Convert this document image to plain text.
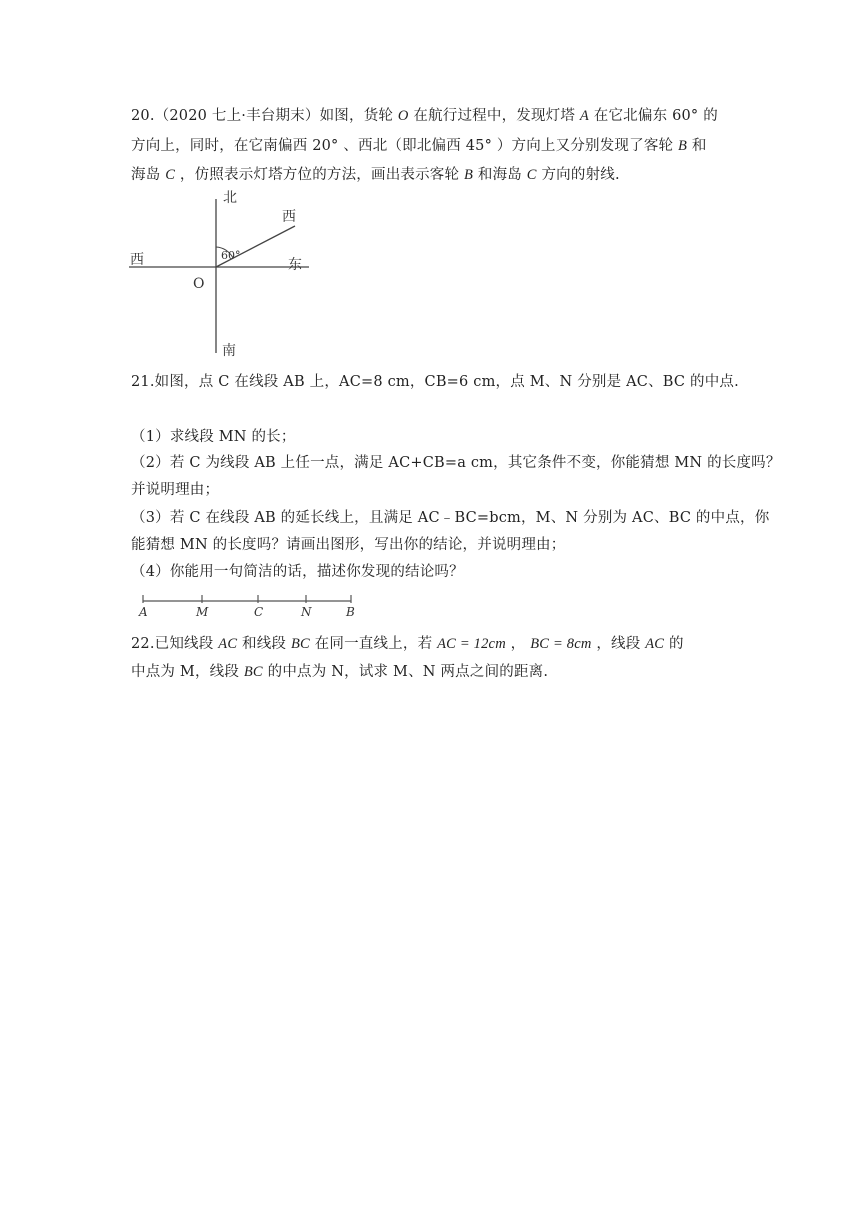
20.（2020 七上·丰台期末）如图，货轮 O 在航行过程中，发现灯塔 A 在它北偏东 60° 的
方向上，同时，在它南偏西 20° 、西北（即北偏西 45° ）方向上又分别发现了客轮 B 和
海岛 C ，仿照表示灯塔方位的方法，画出表示客轮 B 和海岛 C 方向的射线.
北
西
60°
西	东
O
南
21.如图，点 C 在线段 AB 上，AC=8 cm，CB=6 cm，点 M、N 分别是 AC、BC 的中点.
（1）求线段 MN 的长；
（2）若 C 为线段 AB 上任一点，满足 AC+CB=a cm，其它条件不变，你能猜想 MN 的长度吗？
并说明理由；
（3）若 C 在线段 AB 的延长线上，且满足 AC﹣BC=bcm，M、N 分别为 AC、BC 的中点，你
能猜想 MN 的长度吗？请画出图形，写出你的结论，并说明理由；
（4）你能用一句简洁的话，描述你发现的结论吗？
A	M	C	N	B
22.已知线段 AC 和线段 BC 在同一直线上，若 AC = 12cm ， BC = 8cm ，线段 AC 的
中点为 M，线段 BC 的中点为 N，试求 M、N 两点之间的距离.
